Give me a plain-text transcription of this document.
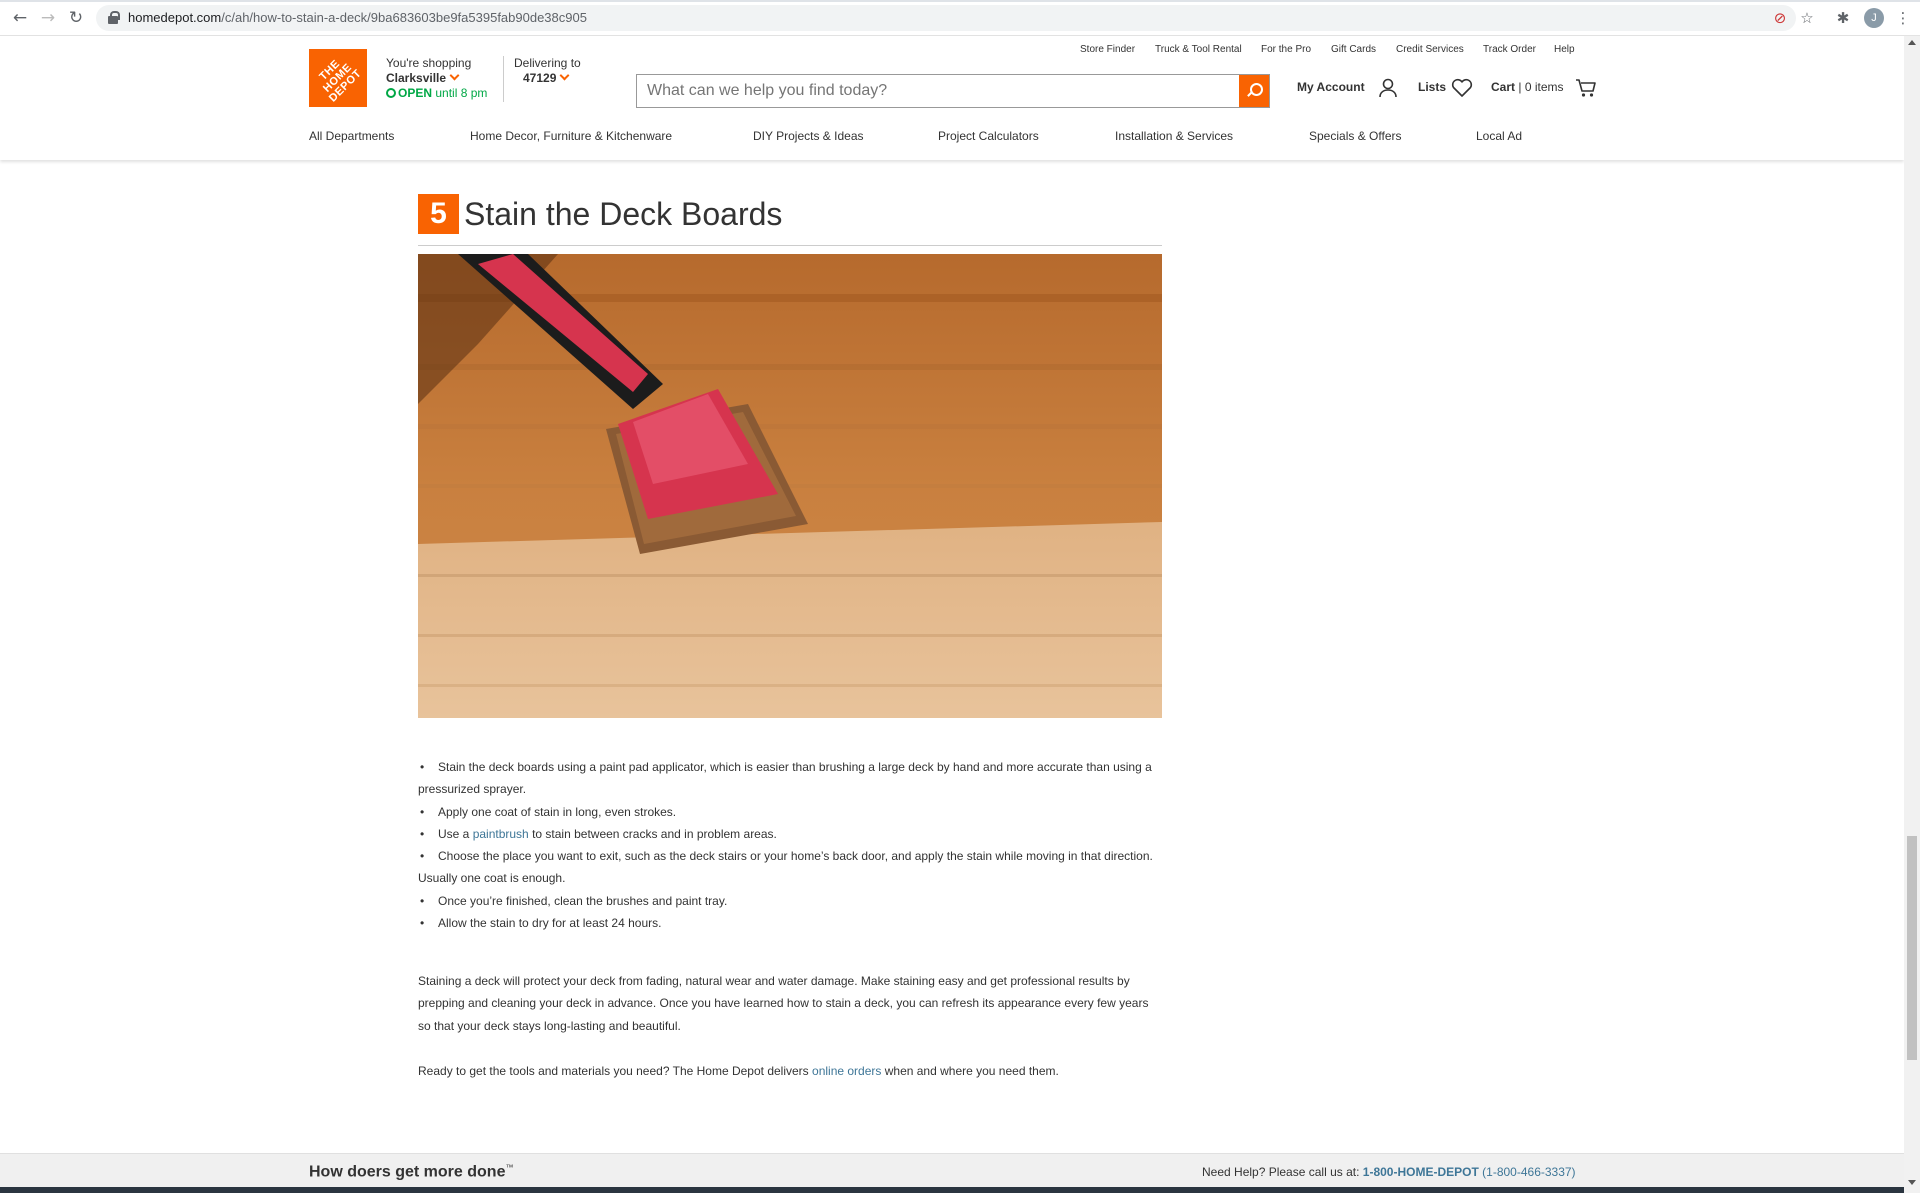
← → ↻	homedepot.com/c/ah/how-to-stain-a-deck/9ba683603be9fa5395fab90de38c905	⊘ ☆ ✱	J	⋮
THE HOME DEPOT
You're shopping
Clarksville
OPEN until 8 pm
Delivering to
47129
Store Finder Truck & Tool Rental For the Pro Gift Cards Credit Services Track Order Help
What can we help you find today?
My Account	Lists	Cart | 0 items
All Departments	Home Decor, Furniture & Kitchenware	DIY Projects & Ideas	Project Calculators	Installation & Services	Specials & Offers	Local Ad
5 Stain the Deck Boards
• Stain the deck boards using a paint pad applicator, which is easier than brushing a large deck by hand and more accurate than using a pressurized sprayer.
• Apply one coat of stain in long, even strokes.
• Use a paintbrush to stain between cracks and in problem areas.
• Choose the place you want to exit, such as the deck stairs or your home’s back door, and apply the stain while moving in that direction. Usually one coat is enough.
• Once you’re finished, clean the brushes and paint tray.
• Allow the stain to dry for at least 24 hours.

Staining a deck will protect your deck from fading, natural wear and water damage. Make staining easy and get professional results by prepping and cleaning your deck in advance. Once you have learned how to stain a deck, you can refresh its appearance every few years so that your deck stays long-lasting and beautiful.

Ready to get the tools and materials you need? The Home Depot delivers online orders when and where you need them.

How doers get more done™	Need Help? Please call us at: 1-800-HOME-DEPOT (1-800-466-3337)
